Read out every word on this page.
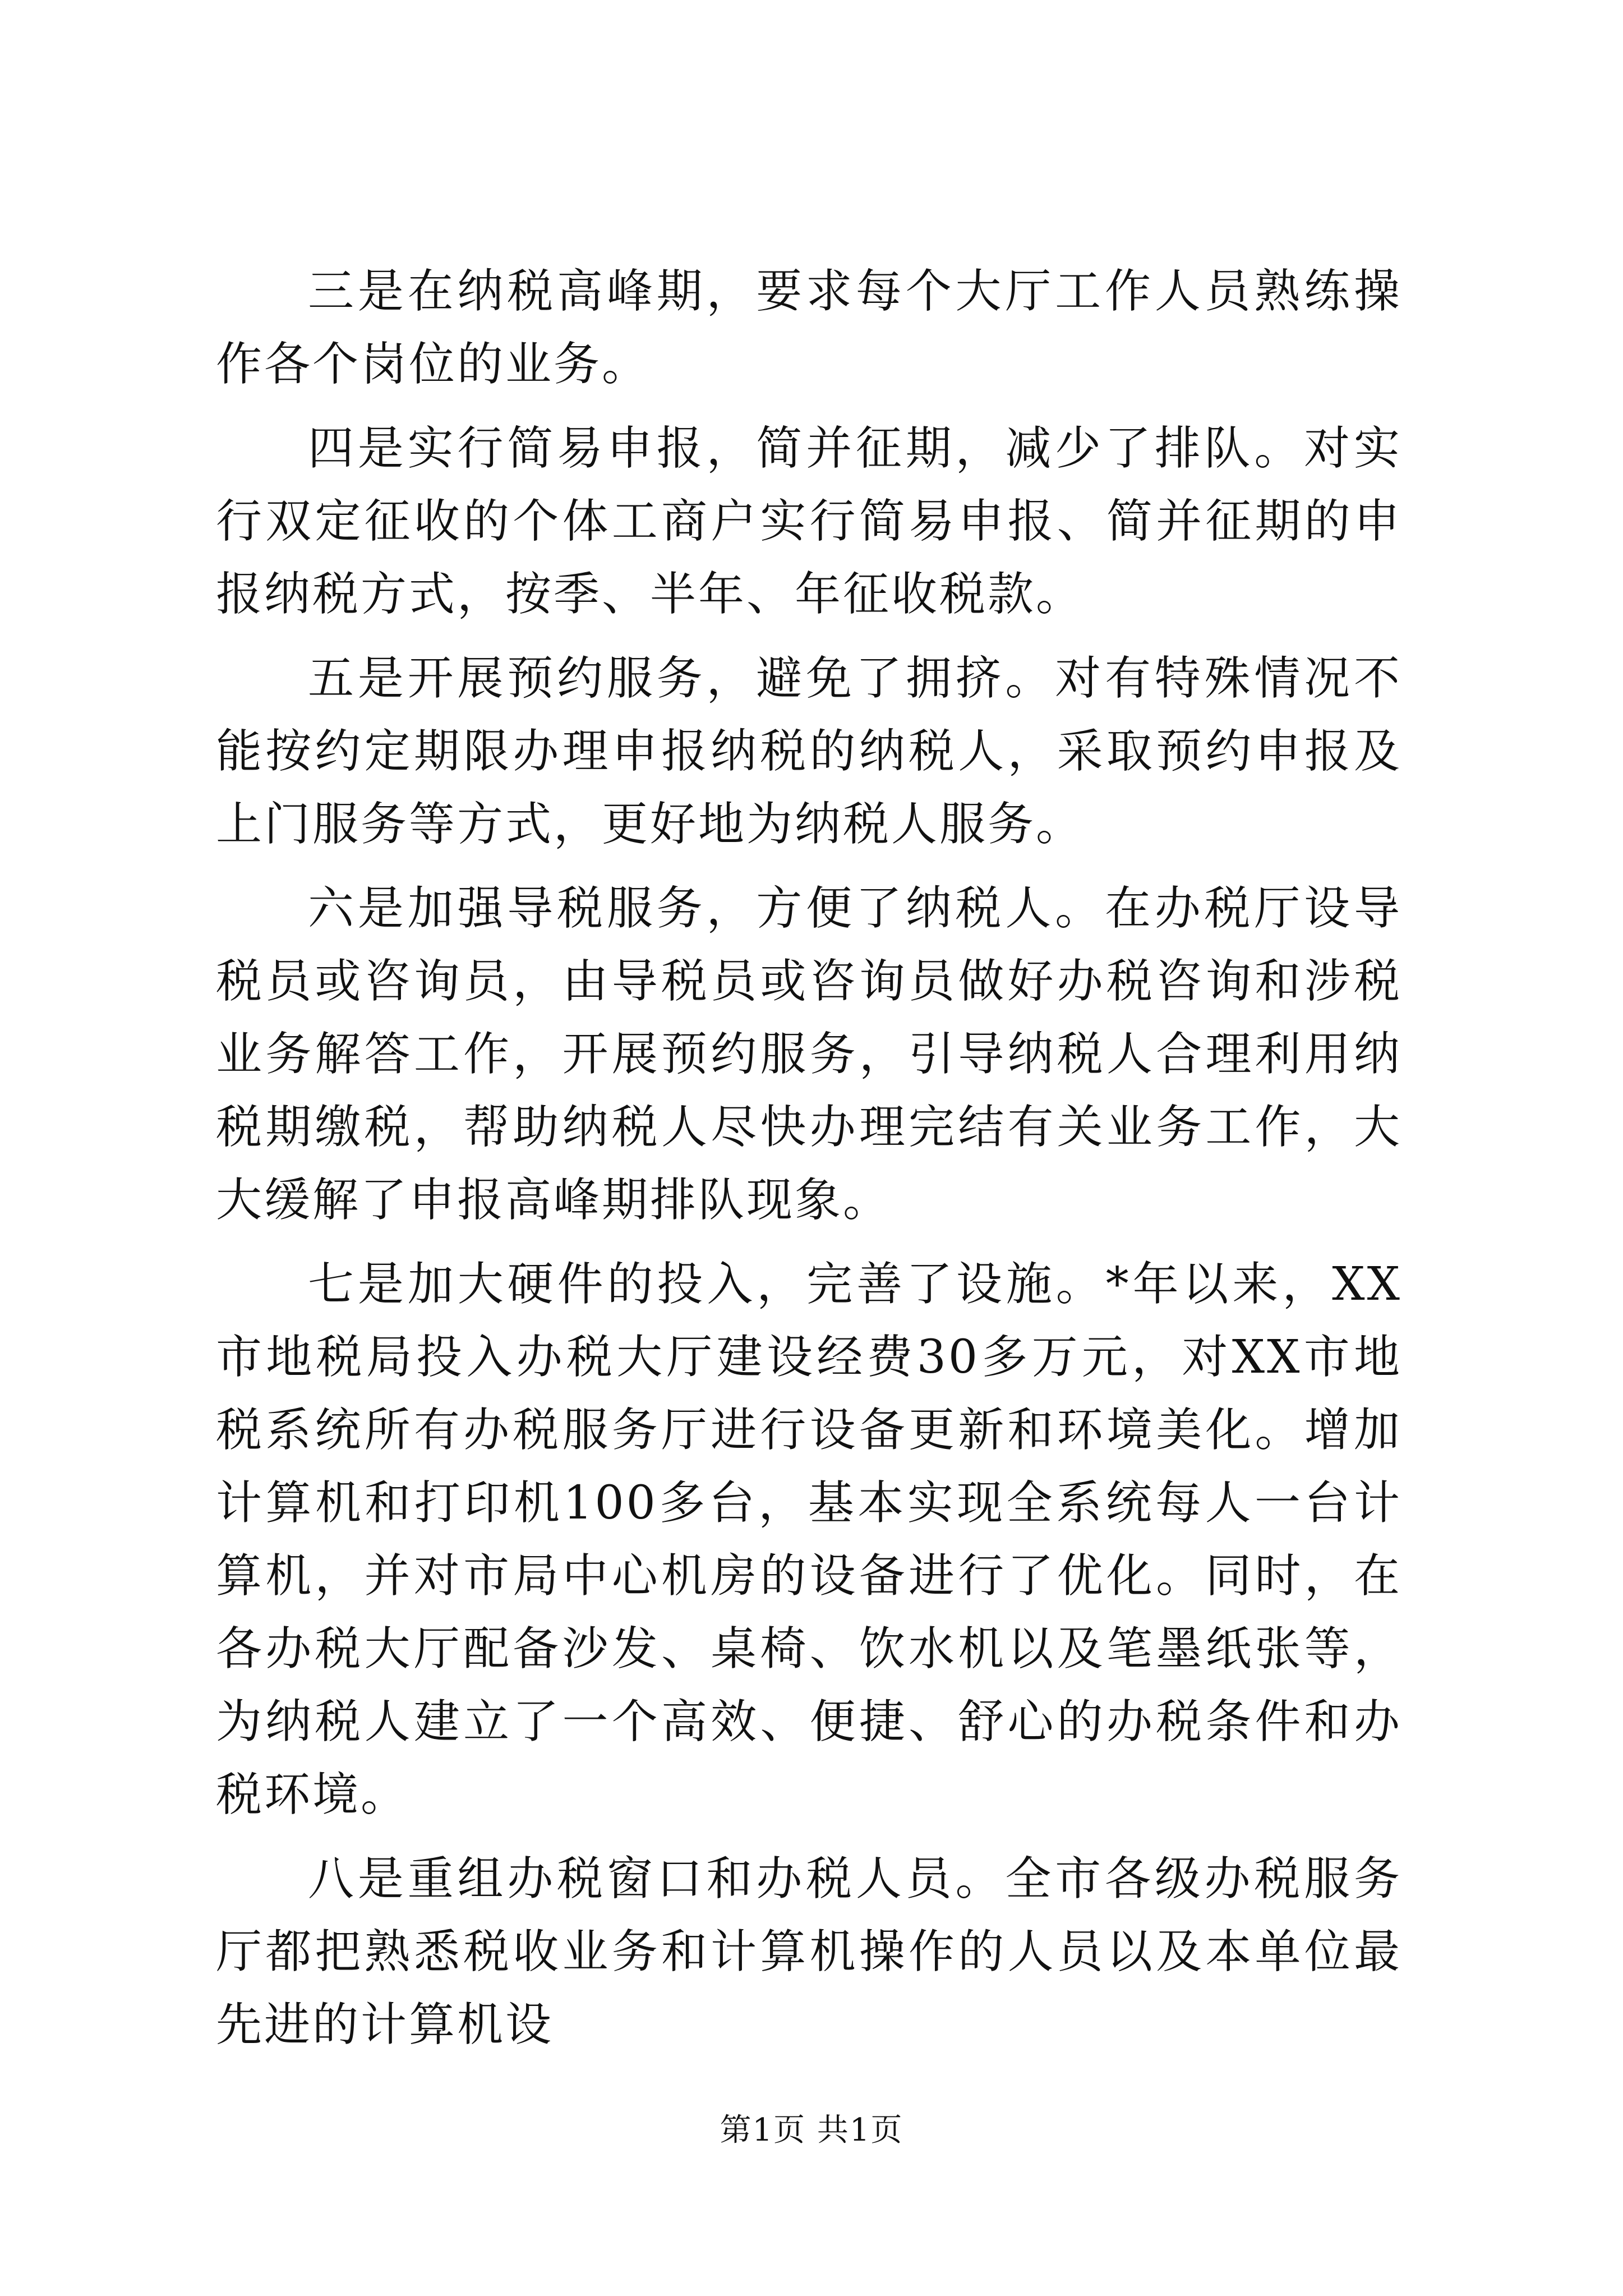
三是在纳税高峰期，要求每个大厅工作人员熟练操作各个岗位的业务。

四是实行简易申报，简并征期，减少了排队。对实行双定征收的个体工商户实行简易申报、简并征期的申报纳税方式，按季、半年、年征收税款。

五是开展预约服务，避免了拥挤。对有特殊情况不能按约定期限办理申报纳税的纳税人，采取预约申报及上门服务等方式，更好地为纳税人服务。

六是加强导税服务，方便了纳税人。在办税厅设导税员或咨询员，由导税员或咨询员做好办税咨询和涉税业务解答工作，开展预约服务，引导纳税人合理利用纳税期缴税，帮助纳税人尽快办理完结有关业务工作，大大缓解了申报高峰期排队现象。

七是加大硬件的投入，完善了设施。*年以来，XX市地税局投入办税大厅建设经费30多万元，对XX市地税系统所有办税服务厅进行设备更新和环境美化。增加计算机和打印机100多台，基本实现全系统每人一台计算机，并对市局中心机房的设备进行了优化。同时，在各办税大厅配备沙发、桌椅、饮水机以及笔墨纸张等，为纳税人建立了一个高效、便捷、舒心的办税条件和办税环境。

八是重组办税窗口和办税人员。全市各级办税服务厅都把熟悉税收业务和计算机操作的人员以及本单位最先进的计算机设

第1页 共1页
